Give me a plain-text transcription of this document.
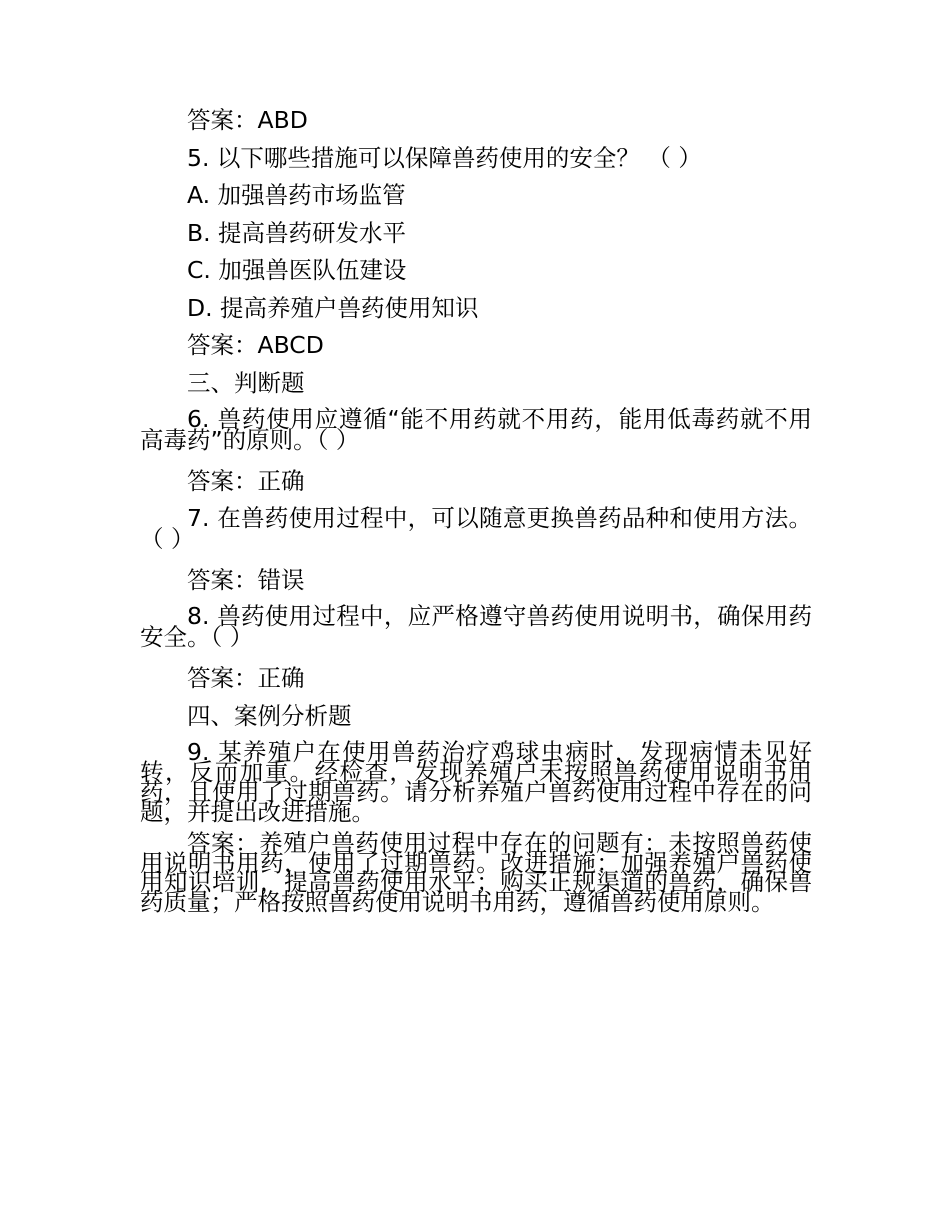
答案：ABD
5. 以下哪些措施可以保障兽药使用的安全？ （ ）
A. 加强兽药市场监管
B. 提高兽药研发水平
C. 加强兽医队伍建设
D. 提高养殖户兽药使用知识
答案：ABCD
三、判断题
6. 兽药使用应遵循“能不用药就不用药，能用低毒药就不用高毒药”的原则。（ ）
答案：正确
7. 在兽药使用过程中，可以随意更换兽药品种和使用方法。（ ）
答案：错误
8. 兽药使用过程中，应严格遵守兽药使用说明书，确保用药安全。（ ）
答案：正确
四、案例分析题
9. 某养殖户在使用兽药治疗鸡球虫病时，发现病情未见好转，反而加重。经检查，发现养殖户未按照兽药使用说明书用药，且使用了过期兽药。请分析养殖户兽药使用过程中存在的问题，并提出改进措施。
答案：养殖户兽药使用过程中存在的问题有：未按照兽药使用说明书用药，使用了过期兽药。改进措施：加强养殖户兽药使用知识培训，提高兽药使用水平；购买正规渠道的兽药，确保兽药质量；严格按照兽药使用说明书用药，遵循兽药使用原则。
